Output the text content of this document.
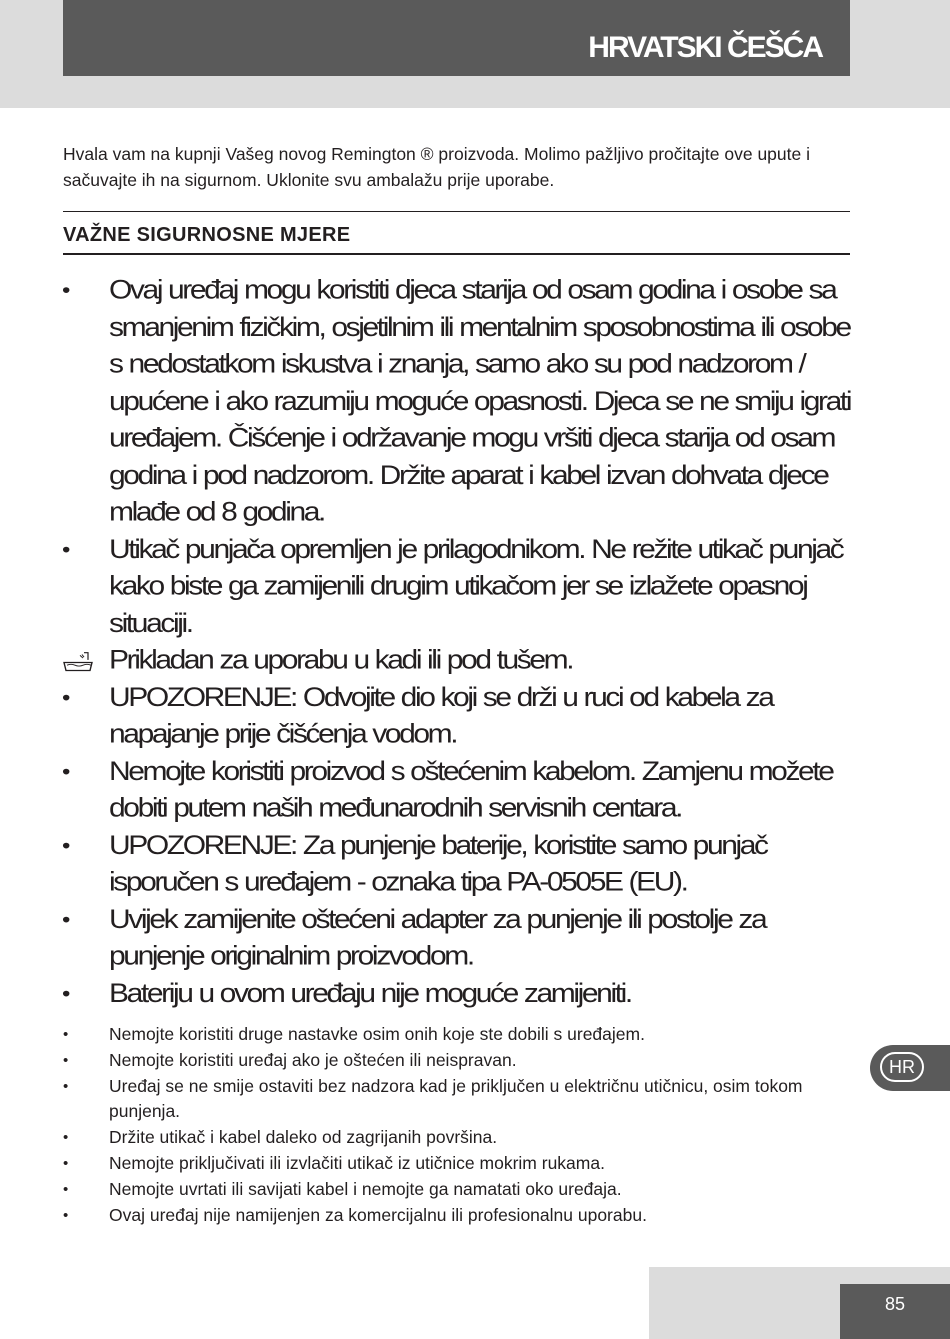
HRVATSKI ČEŠĆA

Hvala vam na kupnji Vašeg novog Remington ® proizvoda. Molimo pažljivo pročitajte ove upute i sačuvajte ih na sigurnom. Uklonite svu ambalažu prije uporabe.

VAŽNE SIGURNOSNE MJERE
•	Ovaj uređaj mogu koristiti djeca starija od osam godina i osobe sa smanjenim fizičkim, osjetilnim ili mentalnim sposobnostima ili osobe s nedostatkom iskustva i znanja, samo ako su pod nadzorom / upućene i ako razumiju moguće opasnosti. Djeca se ne smiju igrati uređajem. Čišćenje i održavanje mogu vršiti djeca starija od osam godina i pod nadzorom. Držite aparat i kabel izvan dohvata djece mlađe od 8 godina.
•	Utikač punjača opremljen je prilagodnikom. Ne režite utikač punjač kako biste ga zamijenili drugim utikačom jer se izlažete opasnoj situaciji.
Prikladan za uporabu u kadi ili pod tušem.
•	UPOZORENJE: Odvojite dio koji se drži u ruci od kabela za napajanje prije čišćenja vodom.
•	Nemojte koristiti proizvod s oštećenim kabelom. Zamjenu možete dobiti putem naših međunarodnih servisnih centara.
•	UPOZORENJE: Za punjenje baterije, koristite samo punjač isporučen s uređajem - oznaka tipa PA-0505E (EU).
•	Uvijek zamijenite oštećeni adapter za punjenje ili postolje za punjenje originalnim proizvodom.
•	Bateriju u ovom uređaju nije moguće zamijeniti.
• Nemojte koristiti druge nastavke osim onih koje ste dobili s uređajem.
• Nemojte koristiti uređaj ako je oštećen ili neispravan.
• Uređaj se ne smije ostaviti bez nadzora kad je priključen u električnu utičnicu, osim tokom punjenja.
• Držite utikač i kabel daleko od zagrijanih površina.
• Nemojte priključivati ili izvlačiti utikač iz utičnice mokrim rukama.
• Nemojte uvrtati ili savijati kabel i nemojte ga namatati oko uređaja.
• Ovaj uređaj nije namijenjen za komercijalnu ili profesionalnu uporabu.
HR
85
